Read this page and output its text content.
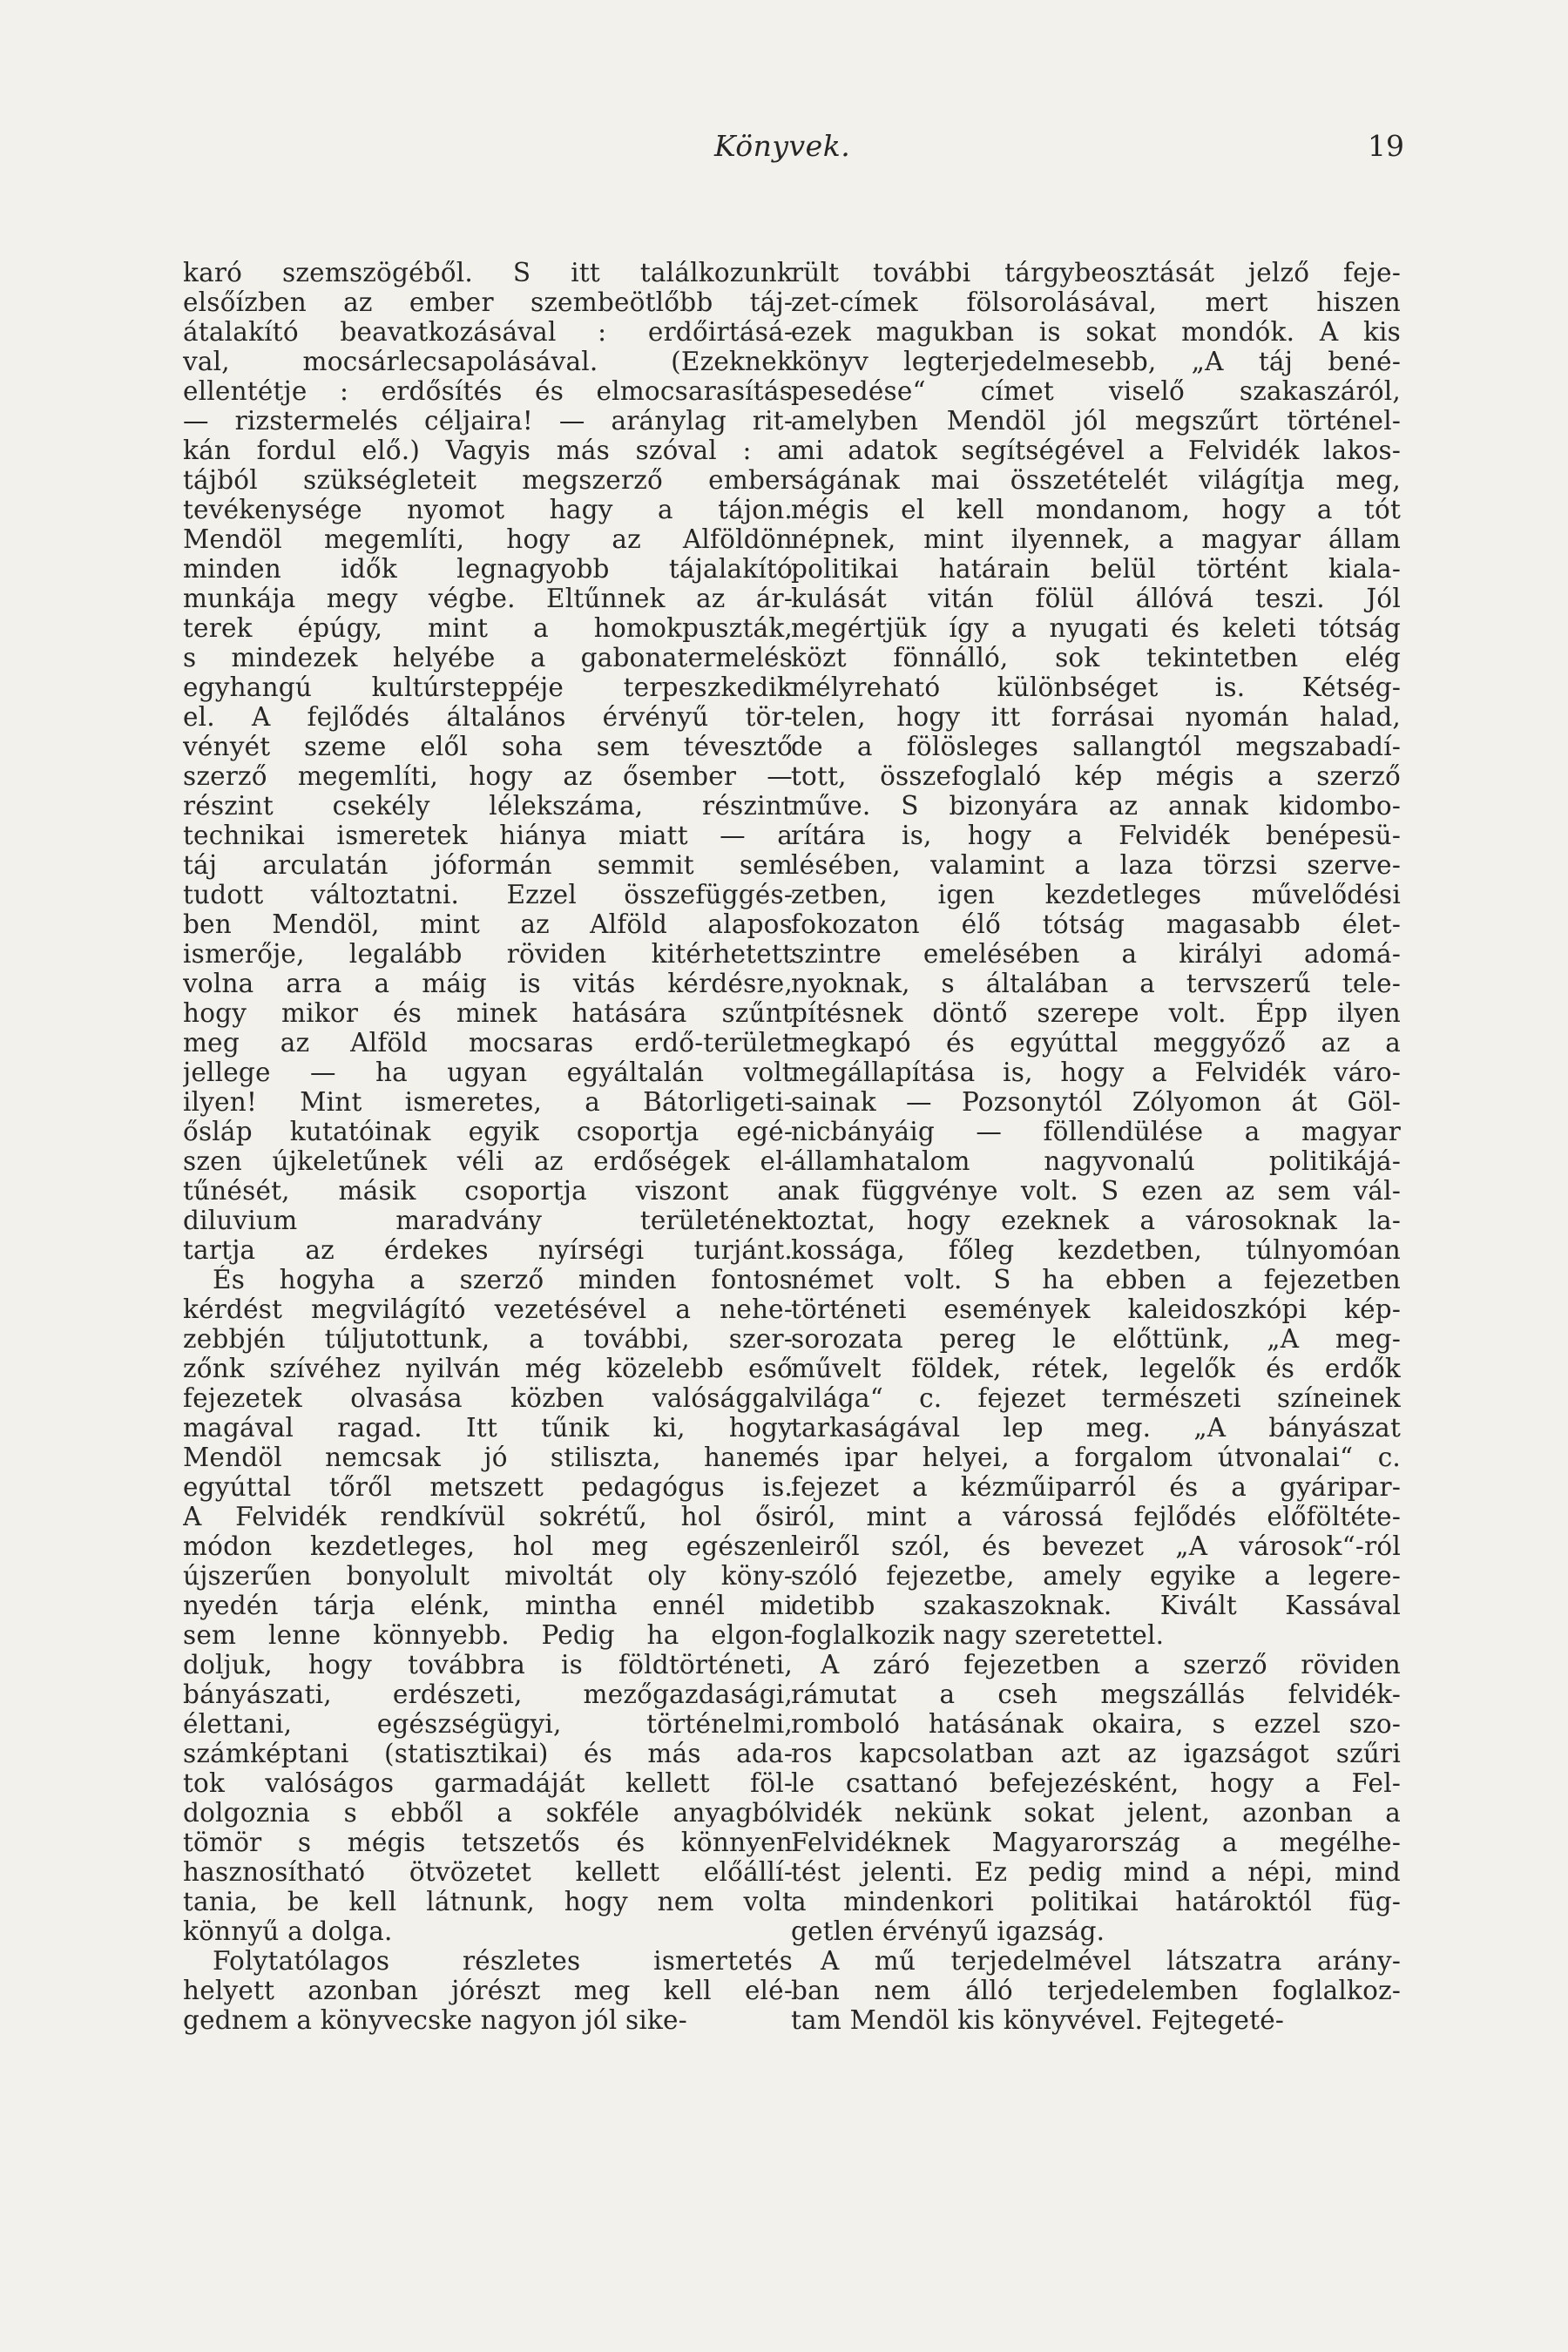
Könyvek.	19
karó szemszögéből. S itt találkozunk
elsőízben az ember szembeötlőbb táj-
átalakító beavatkozásával : erdőirtásá-
val, mocsárlecsapolásával. (Ezeknek
ellentétje : erdősítés és elmocsarasítás
— rizstermelés céljaira! — aránylag rit-
kán fordul elő.) Vagyis más szóval : a
tájból szükségleteit megszerző ember
tevékenysége nyomot hagy a tájon.
Mendöl megemlíti, hogy az Alföldön
minden idők legnagyobb tájalakító
munkája megy végbe. Eltűnnek az ár-
terek épúgy, mint a homokpuszták,
s mindezek helyébe a gabonatermelés
egyhangú kultúrsteppéje terpeszkedik
el. A fejlődés általános érvényű tör-
vényét szeme elől soha sem tévesztő
szerző megemlíti, hogy az ősember —
részint csekély lélekszáma, részint
technikai ismeretek hiánya miatt — a
táj arculatán jóformán semmit sem
tudott változtatni. Ezzel összefüggés-
ben Mendöl, mint az Alföld alapos
ismerője, legalább röviden kitérhetett
volna arra a máig is vitás kérdésre,
hogy mikor és minek hatására szűnt
meg az Alföld mocsaras erdő-terület
jellege — ha ugyan egyáltalán volt
ilyen! Mint ismeretes, a Bátorligeti-
ősláp kutatóinak egyik csoportja egé-
szen újkeletűnek véli az erdőségek el-
tűnését, másik csoportja viszont a
diluvium maradvány területének
tartja az érdekes nyírségi turjánt.
És hogyha a szerző minden fontos
kérdést megvilágító vezetésével a nehe-
zebbjén túljutottunk, a további, szer-
zőnk szívéhez nyilván még közelebb eső
fejezetek olvasása közben valósággal
magával ragad. Itt tűnik ki, hogy
Mendöl nemcsak jó stiliszta, hanem
egyúttal tőről metszett pedagógus is.
A Felvidék rendkívül sokrétű, hol ősi
módon kezdetleges, hol meg egészen
újszerűen bonyolult mivoltát oly köny-
nyedén tárja elénk, mintha ennél mi
sem lenne könnyebb. Pedig ha elgon-
doljuk, hogy továbbra is földtörténeti,
bányászati, erdészeti, mezőgazdasági,
élettani, egészségügyi, történelmi,
számképtani (statisztikai) és más ada-
tok valóságos garmadáját kellett föl-
dolgoznia s ebből a sokféle anyagból
tömör s mégis tetszetős és könnyen
hasznosítható ötvözetet kellett előállí-
tania, be kell látnunk, hogy nem volt
könnyű a dolga.
Folytatólagos részletes ismertetés
helyett azonban jórészt meg kell elé-
gednem a könyvecske nagyon jól sike-
rült további tárgybeosztását jelző feje-
zet-címek fölsorolásával, mert hiszen
ezek magukban is sokat mondók. A kis
könyv legterjedelmesebb, „A táj bené-
pesedése“ címet viselő szakaszáról,
amelyben Mendöl jól megszűrt történel-
mi adatok segítségével a Felvidék lakos-
ságának mai összetételét világítja meg,
mégis el kell mondanom, hogy a tót
népnek, mint ilyennek, a magyar állam
politikai határain belül történt kiala-
kulását vitán fölül állóvá teszi. Jól
megértjük így a nyugati és keleti tótság
közt fönnálló, sok tekintetben elég
mélyreható különbséget is. Kétség-
telen, hogy itt forrásai nyomán halad,
de a fölösleges sallangtól megszabadí-
tott, összefoglaló kép mégis a szerző
műve. S bizonyára az annak kidombo-
rítára is, hogy a Felvidék benépesü-
lésében, valamint a laza törzsi szerve-
zetben, igen kezdetleges művelődési
fokozaton élő tótság magasabb élet-
szintre emelésében a királyi adomá-
nyoknak, s általában a tervszerű tele-
pítésnek döntő szerepe volt. Épp ilyen
megkapó és egyúttal meggyőző az a
megállapítása is, hogy a Felvidék váro-
sainak — Pozsonytól Zólyomon át Göl-
nicbányáig — föllendülése a magyar
államhatalom nagyvonalú politikájá-
nak függvénye volt. S ezen az sem vál-
toztat, hogy ezeknek a városoknak la-
kossága, főleg kezdetben, túlnyomóan
német volt. S ha ebben a fejezetben
történeti események kaleidoszkópi kép-
sorozata pereg le előttünk, „A meg-
művelt földek, rétek, legelők és erdők
világa“ c. fejezet természeti színeinek
tarkaságával lep meg. „A bányászat
és ipar helyei, a forgalom útvonalai“ c.
fejezet a kézműiparról és a gyáripar-
ról, mint a várossá fejlődés előföltéte-
leiről szól, és bevezet „A városok“-ról
szóló fejezetbe, amely egyike a legere-
detibb szakaszoknak. Kivált Kassával
foglalkozik nagy szeretettel.
A záró fejezetben a szerző röviden
rámutat a cseh megszállás felvidék-
romboló hatásának okaira, s ezzel szo-
ros kapcsolatban azt az igazságot szűri
le csattanó befejezésként, hogy a Fel-
vidék nekünk sokat jelent, azonban a
Felvidéknek Magyarország a megélhe-
tést jelenti. Ez pedig mind a népi, mind
a mindenkori politikai határoktól füg-
getlen érvényű igazság.
A mű terjedelmével látszatra arány-
ban nem álló terjedelemben foglalkoz-
tam Mendöl kis könyvével. Fejtegeté-
